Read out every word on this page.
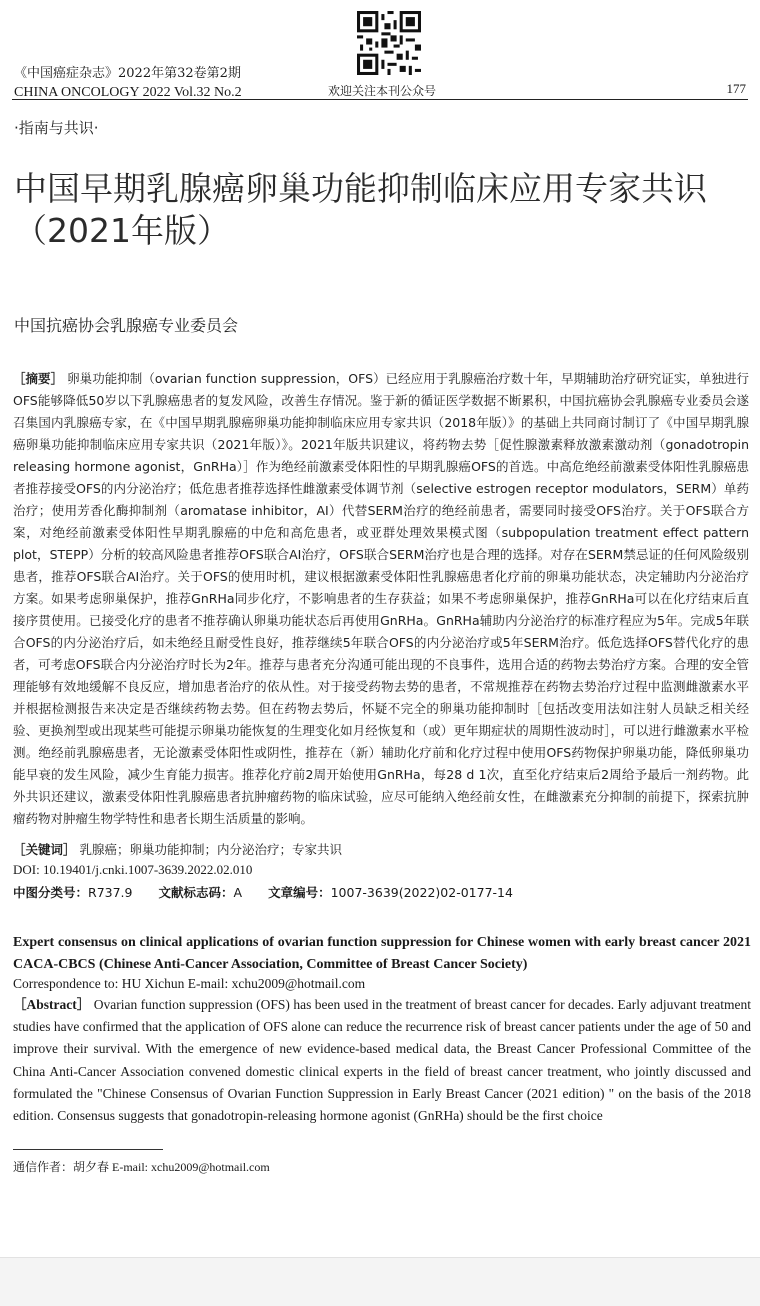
《中国癌症杂志》2022年第32卷第2期
CHINA ONCOLOGY 2022 Vol.32 No.2	欢迎关注本刊公众号	177
·指南与共识·
中国早期乳腺癌卵巢功能抑制临床应用专家共识（2021年版）
中国抗癌协会乳腺癌专业委员会
［摘要］ 卵巢功能抑制（ovarian function suppression，OFS）已经应用于乳腺癌治疗数十年，早期辅助治疗研究证实，单独进行OFS能够降低50岁以下乳腺癌患者的复发风险，改善生存情况。鉴于新的循证医学数据不断累积，中国抗癌协会乳腺癌专业委员会遂召集国内乳腺癌专家，在《中国早期乳腺癌卵巢功能抑制临床应用专家共识（2018年版）》的基础上共同商讨制订了《中国早期乳腺癌卵巢功能抑制临床应用专家共识（2021年版）》。2021年版共识建议，将药物去势［促性腺激素释放激素激动剂（gonadotropin releasing hormone agonist，GnRHa）］作为绝经前激素受体阳性的早期乳腺癌OFS的首选。中高危绝经前激素受体阳性乳腺癌患者推荐接受OFS的内分泌治疗；低危患者推荐选择性雌激素受体调节剂（selective estrogen receptor modulators，SERM）单药治疗；使用芳香化酶抑制剂（aromatase inhibitor，AI）代替SERM治疗的绝经前患者，需要同时接受OFS治疗。关于OFS联合方案，对绝经前激素受体阳性早期乳腺癌的中危和高危患者，或亚群处理效果模式图（subpopulation treatment effect pattern plot，STEPP）分析的较高风险患者推荐OFS联合AI治疗，OFS联合SERM治疗也是合理的选择。对存在SERM禁忌证的任何风险级别患者，推荐OFS联合AI治疗。关于OFS的使用时机，建议根据激素受体阳性乳腺癌患者化疗前的卵巢功能状态，决定辅助内分泌治疗方案。如果考虑卵巢保护，推荐GnRHa同步化疗，不影响患者的生存获益；如果不考虑卵巢保护，推荐GnRHa可以在化疗结束后直接序贯使用。已接受化疗的患者不推荐确认卵巢功能状态后再使用GnRHa。GnRHa辅助内分泌治疗的标准疗程应为5年。完成5年联合OFS的内分泌治疗后，如未绝经且耐受性良好，推荐继续5年联合OFS的内分泌治疗或5年SERM治疗。低危选择OFS替代化疗的患者，可考虑OFS联合内分泌治疗时长为2年。推荐与患者充分沟通可能出现的不良事件，选用合适的药物去势治疗方案。合理的安全管理能够有效地缓解不良反应，增加患者治疗的依从性。对于接受药物去势的患者，不常规推荐在药物去势治疗过程中监测雌激素水平并根据检测报告来决定是否继续药物去势。但在药物去势后，怀疑不完全的卵巢功能抑制时［包括改变用法如注射人员缺乏相关经验、更换剂型或出现某些可能提示卵巢功能恢复的生理变化如月经恢复和（或）更年期症状的周期性波动时］，可以进行雌激素水平检测。绝经前乳腺癌患者，无论激素受体阳性或阴性，推荐在（新）辅助化疗前和化疗过程中使用OFS药物保护卵巢功能，降低卵巢功能早衰的发生风险，减少生育能力损害。推荐化疗前2周开始使用GnRHa，每28 d 1次，直至化疗结束后2周给予最后一剂药物。此外共识还建议，激素受体阳性乳腺癌患者抗肿瘤药物的临床试验，应尽可能纳入绝经前女性，在雌激素充分抑制的前提下，探索抗肿瘤药物对肿瘤生物学特性和患者长期生活质量的影响。
［关键词］ 乳腺癌；卵巢功能抑制；内分泌治疗；专家共识
DOI: 10.19401/j.cnki.1007-3639.2022.02.010
中图分类号：R737.9 文献标志码：A 文章编号：1007-3639(2022)02-0177-14
Expert consensus on clinical applications of ovarian function suppression for Chinese women with early breast cancer 2021 CACA-CBCS (Chinese Anti-Cancer Association, Committee of Breast Cancer Society)
Correspondence to: HU Xichun E-mail: xchu2009@hotmail.com
［Abstract］ Ovarian function suppression (OFS) has been used in the treatment of breast cancer for decades. Early adjuvant treatment studies have confirmed that the application of OFS alone can reduce the recurrence risk of breast cancer patients under the age of 50 and improve their survival. With the emergence of new evidence-based medical data, the Breast Cancer Professional Committee of the China Anti-Cancer Association convened domestic clinical experts in the field of breast cancer treatment, who jointly discussed and formulated the "Chinese Consensus of Ovarian Function Suppression in Early Breast Cancer (2021 edition) " on the basis of the 2018 edition. Consensus suggests that gonadotropin-releasing hormone agonist (GnRHa) should be the first choice
通信作者：胡夕春 E-mail: xchu2009@hotmail.com
